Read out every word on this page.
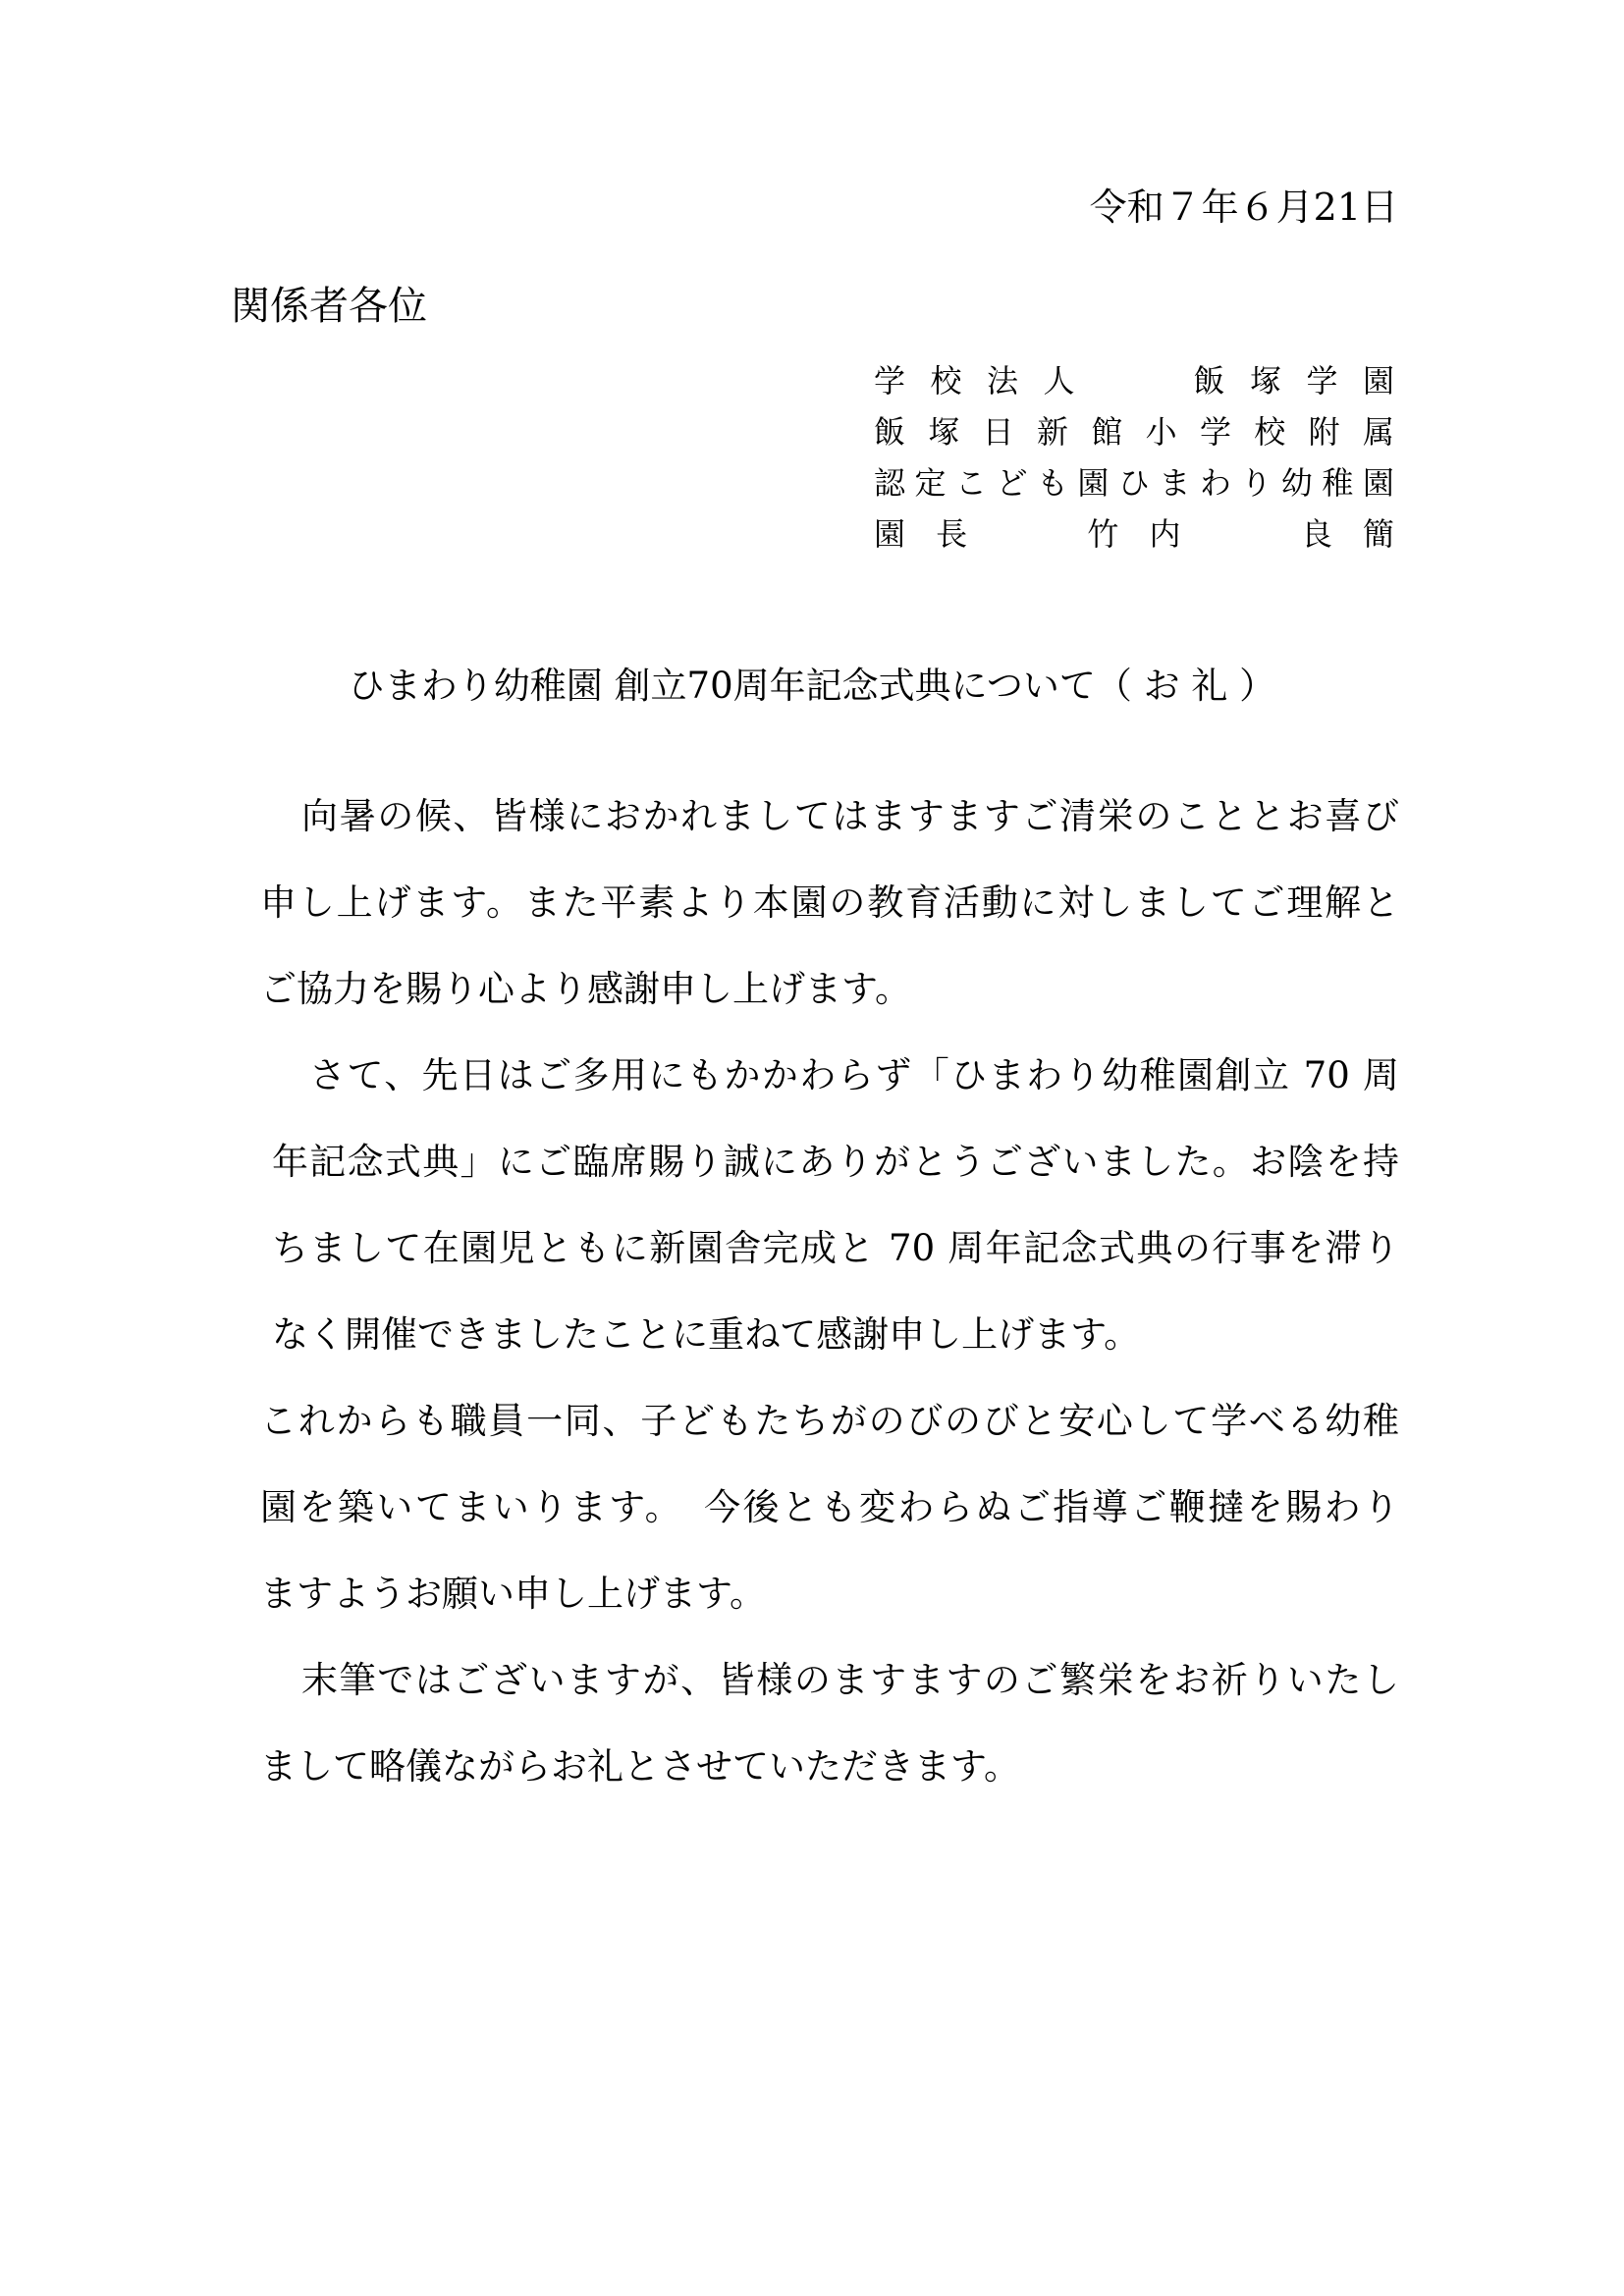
令和７年６月21日
関係者各位
学 校 法 人	飯 塚 学 園
飯 塚 日 新 館 小 学 校 附 属
認 定 こ ど も 園 ひ ま わ り 幼 稚 園
園 長	竹 内	良 簡
ひまわり幼稚園 創立70周年記念式典について（ お 礼 ）
向暑の候、皆様におかれましてはますますご清栄のこととお喜び
申し上げます。また平素より本園の教育活動に対しましてご理解と
ご協力を賜り心より感謝申し上げます。
さて、先日はご多用にもかかわらず「ひまわり幼稚園創立 70 周
年記念式典」にご臨席賜り誠にありがとうございました。お陰を持
ちまして在園児ともに新園舎完成と 70 周年記念式典の行事を滞り
なく開催できましたことに重ねて感謝申し上げます。
これからも職員一同、子どもたちがのびのびと安心して学べる幼稚
園を築いてまいります。　今後とも変わらぬご指導ご鞭撻を賜わり
ますようお願い申し上げます。
末筆ではございますが、皆様のますますのご繁栄をお祈りいたし
まして略儀ながらお礼とさせていただきます。
